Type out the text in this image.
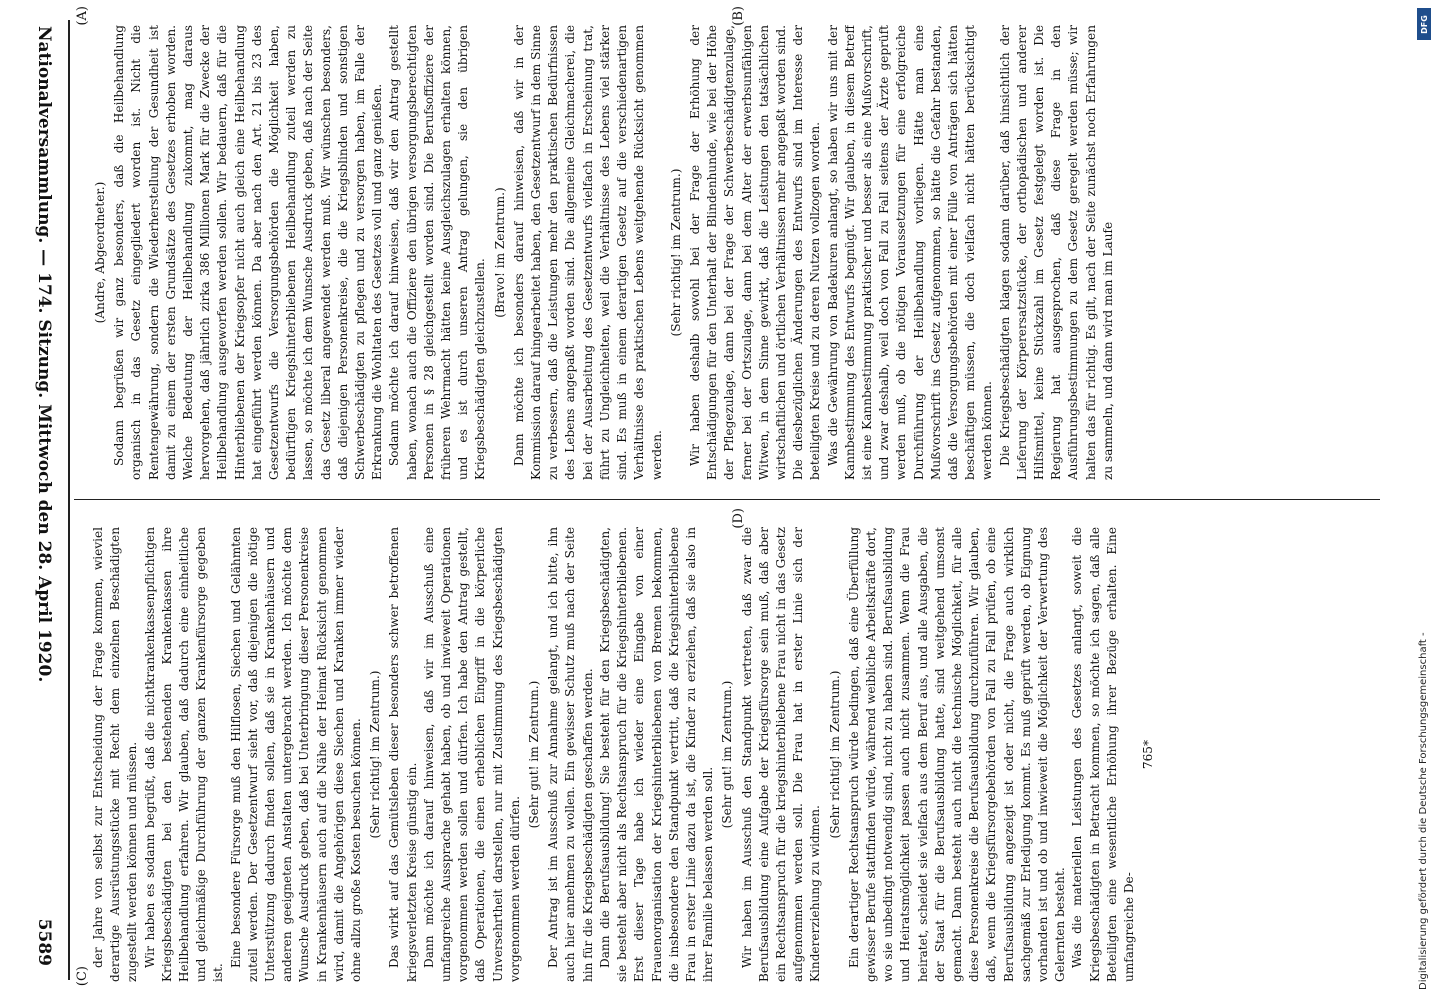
Nationalversammlung. — 174. Sitzung. Mittwoch den 28. April 1920.
5589

(Andre, Abgeordneter.) Sodann begrüßen wir ganz besonders, daß die Heilbehandlung organisch in das Gesetz eingegliedert worden ist. Nicht die Rentengewährung, sondern die Wiederherstellung der Gesundheit ist damit zu einem der ersten Grundsätze des Gesetzes erhoben worden. Welche Bedeutung der Heilbehandlung zukommt, mag daraus hervorgehen, daß jährlich zirka 386 Millionen Mark für die Zwecke der Heilbehandlung ausgeworfen werden sollen. Wir bedauern, daß für die Hinterbliebenen der Kriegsopfer nicht auch gleich eine Heilbehandlung hat eingeführt werden können. Da aber nach den Art. 21 bis 23 des Gesetzentwurfs die Versorgungsbehörden die Möglichkeit haben, bedürftigen Kriegshinterbliebenen Heilbehandlung zuteil werden zu lassen, so möchte ich dem Wunsche Ausdruck geben, daß nach der Seite das Gesetz liberal angewendet werden muß. Wir wünschen besonders, daß diejenigen Personenkreise, die die Kriegsblinden und sonstigen Schwerbeschädigten zu pflegen und zu versorgen haben, im Falle der Erkrankung die Wohltaten des Gesetzes voll und ganz genießen. Sodann möchte ich darauf hinweisen, daß wir den Antrag gestellt haben, wonach auch die Offiziere den übrigen versorgungsberechtigten Personen in § 28 gleichgestellt worden sind. Die Berufsoffiziere der früheren Wehrmacht hätten keine Ausgleichszulagen erhalten können, und es ist durch unseren Antrag gelungen, sie den übrigen Kriegsbeschädigten gleichzustellen.

(Bravo! im Zentrum.) Dann möchte ich besonders darauf hinweisen, daß wir in der Kommission darauf hingearbeitet haben, den Gesetzentwurf in dem Sinne zu verbessern, daß die Leistungen mehr den praktischen Bedürfnissen des Lebens angepaßt worden sind. Die allgemeine Gleichmacherei, die bei der Ausarbeitung des Gesetzentwurfs vielfach in Erscheinung trat, führt zu Ungleichheiten, weil die Verhältnisse des Lebens viel stärker sind. Es muß in einem derartigen Gesetz auf die verschiedenartigen Verhältnisse des praktischen Lebens weitgehende Rücksicht genommen werden.

(Sehr richtig! im Zentrum.) Wir haben deshalb sowohl bei der Frage der Erhöhung der Entschädigungen für den Unterhalt der Blindenhunde, wie bei der Höhe der Pflegezulage, dann bei der Frage der Schwerbeschädigtenzulage, ferner bei der Ortszulage, dann bei dem Alter der erwerbsunfähigen Witwen, in dem Sinne gewirkt, daß die Leistungen den tatsächlichen wirtschaftlichen und örtlichen Verhältnissen mehr angepaßt worden sind. Die diesbezüglichen Änderungen des Entwurfs sind im Interesse der beteiligten Kreise und zu deren Nutzen vollzogen worden. Was die Gewährung von Badekuren anlangt, so haben wir uns mit der Kannbestimmung des Entwurfs begnügt. Wir glauben, in diesem Betreff ist eine Kannbestimmung praktischer und besser als eine Mußvorschrift, und zwar deshalb, weil doch von Fall zu Fall seitens der Ärzte geprüft werden muß, ob die nötigen Voraussetzungen für eine erfolgreiche Durchführung der Heilbehandlung vorliegen. Hätte man eine Mußvorschrift ins Gesetz aufgenommen, so hätte die Gefahr bestanden, daß die Versorgungsbehörden mit einer Fülle von Anträgen sich hätten beschäftigen müssen, die doch vielfach nicht hätten berücksichtigt werden können. Die Kriegsbeschädigten klagen sodann darüber, daß hinsichtlich der Lieferung der Körperersatzstücke, der orthopädischen und anderer Hilfsmittel, keine Stückzahl im Gesetz festgelegt worden ist. Die Regierung hat ausgesprochen, daß diese Frage in den Ausführungsbestimmungen zu dem Gesetz geregelt werden müsse; wir halten das für richtig. Es gilt, nach der Seite zunächst noch Erfahrungen zu sammeln, und dann wird man im Laufe

der Jahre von selbst zur Entscheidung der Frage kommen, wieviel derartige Ausrüstungsstücke mit Recht dem einzelnen Beschädigten zugestellt werden können und müssen. Wir haben es sodann begrüßt, daß die nichtkrankenkassenpflichtigen Kriegsbeschädigten bei den bestehenden Krankenkassen ihre Heilbehandlung erfahren. Wir glauben, daß dadurch eine einheitliche und gleichmäßige Durchführung der ganzen Krankenfürsorge gegeben ist.

Eine besondere Fürsorge muß den Hilflosen, Siechen und Gelähmten zuteil werden. Der Gesetzentwurf sieht vor, daß diejenigen die nötige Unterstützung dadurch finden sollen, daß sie in Krankenhäusern und anderen geeigneten Anstalten untergebracht werden. Ich möchte dem Wunsche Ausdruck geben, daß bei Unterbringung dieser Personenkreise in Krankenhäusern auch auf die Nähe der Heimat Rücksicht genommen wird, damit die Angehörigen diese Siechen und Kranken immer wieder ohne allzu große Kosten besuchen können. (Sehr richtig! im Zentrum.) Das wirkt auf das Gemütsleben dieser besonders schwer betroffenen kriegsverletzten Kreise günstig ein. Dann möchte ich darauf hinweisen, daß wir im Ausschuß eine umfangreiche Aussprache gehabt haben, ob und inwieweit Operationen vorgenommen werden sollen und dürfen. Ich habe den Antrag gestellt, daß Operationen, die einen erheblichen Eingriff in die körperliche Unversehrtheit darstellen, nur mit Zustimmung des Kriegsbeschädigten vorgenommen werden dürfen.

(Sehr gut! im Zentrum.) Der Antrag ist im Ausschuß zur Annahme gelangt, und ich bitte, ihn auch hier annehmen zu wollen. Ein gewisser Schutz muß nach der Seite hin für die Kriegsbeschädigten geschaffen werden. Dann die Berufsausbildung! Sie besteht für den Kriegsbeschädigten, sie besteht aber nicht als Rechtsanspruch für die Kriegshinterbliebenen. Erst dieser Tage habe ich wieder eine Eingabe von einer Frauenorganisation der Kriegshinterbliebenen von Bremen bekommen, die insbesondere den Standpunkt vertritt, daß die Kriegshinterbliebene Frau in erster Linie dazu da ist, die Kinder zu erziehen, daß sie also in ihrer Familie belassen werden soll.

(Sehr gut! im Zentrum.) Wir haben im Ausschuß den Standpunkt vertreten, daß zwar die Berufsausbildung eine Aufgabe der Kriegsfürsorge sein muß, daß aber ein Rechtsanspruch für die kriegshinterbliebene Frau nicht in das Gesetz aufgenommen werden soll. Die Frau hat in erster Linie sich der Kindererziehung zu widmen.

(Sehr richtig! im Zentrum.) Ein derartiger Rechtsanspruch würde bedingen, daß eine Überfüllung gewisser Berufe stattfinden würde, während weibliche Arbeitskräfte dort, wo sie unbedingt notwendig sind, nicht zu haben sind. Berufsausbildung und Heiratsmöglichkeit passen auch nicht zusammen. Wenn die Frau heiratet, scheidet sie vielfach aus dem Beruf aus, und alle Ausgaben, die der Staat für die Berufsausbildung hatte, sind weitgehend umsonst gemacht. Dann besteht auch nicht die technische Möglichkeit, für alle diese Personenkreise die Berufsausbildung durchzuführen. Wir glauben, daß, wenn die Kriegsfürsorgebehörden von Fall zu Fall prüfen, ob eine Berufsausbildung angezeigt ist oder nicht, die Frage auch wirklich sachgemäß zur Erledigung kommt. Es muß geprüft werden, ob Eignung vorhanden ist und ob und inwieweit die Möglichkeit der Verwertung des Gelernten besteht. Was die materiellen Leistungen des Gesetzes anlangt, soweit die Kriegsbeschädigten in Betracht kommen, so möchte ich sagen, daß alle Beteiligten eine wesentliche Erhöhung ihrer Bezüge erhalten. Eine umfangreiche De-

765*

(A)	(B)
(C)
(D)
DFG
Digitalisierung gefördert durch die Deutsche Forschungsgemeinschaft -
